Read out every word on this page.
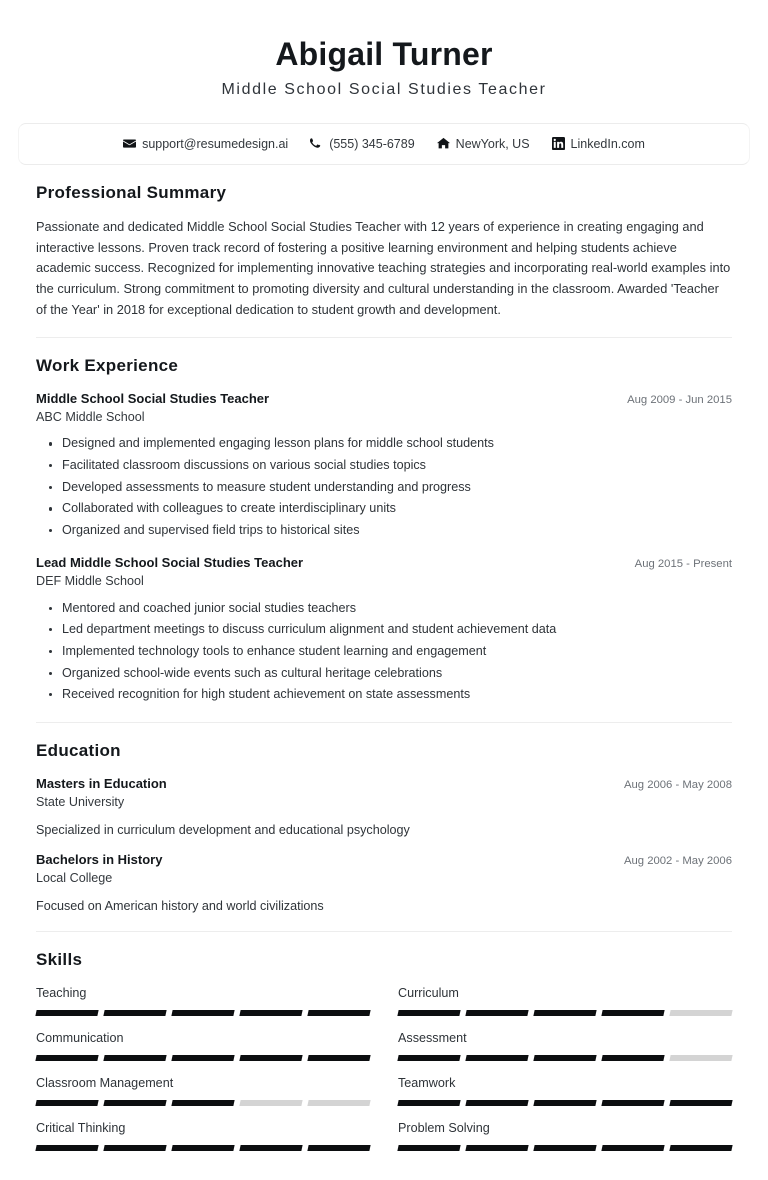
Abigail Turner
Middle School Social Studies Teacher
support@resumedesign.ai	(555) 345-6789	NewYork, US	LinkedIn.com
Professional Summary
Passionate and dedicated Middle School Social Studies Teacher with 12 years of experience in creating engaging and interactive lessons. Proven track record of fostering a positive learning environment and helping students achieve academic success. Recognized for implementing innovative teaching strategies and incorporating real-world examples into the curriculum. Strong commitment to promoting diversity and cultural understanding in the classroom. Awarded 'Teacher of the Year' in 2018 for exceptional dedication to student growth and development.
Work Experience
Middle School Social Studies Teacher	Aug 2009 - Jun 2015
ABC Middle School
Designed and implemented engaging lesson plans for middle school students
Facilitated classroom discussions on various social studies topics
Developed assessments to measure student understanding and progress
Collaborated with colleagues to create interdisciplinary units
Organized and supervised field trips to historical sites
Lead Middle School Social Studies Teacher	Aug 2015 - Present
DEF Middle School
Mentored and coached junior social studies teachers
Led department meetings to discuss curriculum alignment and student achievement data
Implemented technology tools to enhance student learning and engagement
Organized school-wide events such as cultural heritage celebrations
Received recognition for high student achievement on state assessments
Education
Masters in Education	Aug 2006 - May 2008
State University
Specialized in curriculum development and educational psychology
Bachelors in History	Aug 2002 - May 2006
Local College
Focused on American history and world civilizations
Skills
Teaching	Curriculum
Communication	Assessment
Classroom Management	Teamwork
Critical Thinking	Problem Solving
